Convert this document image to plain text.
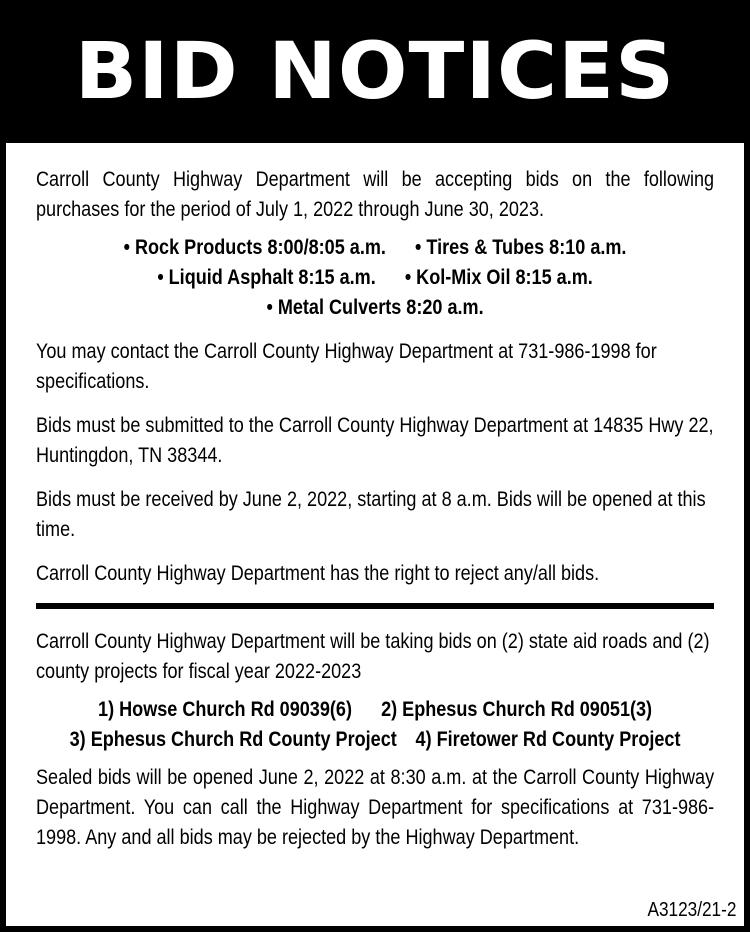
BID NOTICES

Carroll County Highway Department will be accepting bids on the following purchases for the period of July 1, 2022 through June 30, 2023.

• Rock Products 8:00/8:05 a.m. • Tires & Tubes 8:10 a.m.
• Liquid Asphalt 8:15 a.m. • Kol-Mix Oil 8:15 a.m.
• Metal Culverts 8:20 a.m.

You may contact the Carroll County Highway Department at 731-986-1998 for specifications.

Bids must be submitted to the Carroll County Highway Department at 14835 Hwy 22, Huntingdon, TN 38344.

Bids must be received by June 2, 2022, starting at 8 a.m. Bids will be opened at this time.

Carroll County Highway Department has the right to reject any/all bids.

Carroll County Highway Department will be taking bids on (2) state aid roads and (2) county projects for fiscal year 2022-2023

1) Howse Church Rd 09039(6) 2) Ephesus Church Rd 09051(3)
3) Ephesus Church Rd County Project 4) Firetower Rd County Project

Sealed bids will be opened June 2, 2022 at 8:30 a.m. at the Carroll County Highway Department. You can call the Highway Department for specifications at 731-986-1998. Any and all bids may be rejected by the Highway Department.

A3123/21-2
